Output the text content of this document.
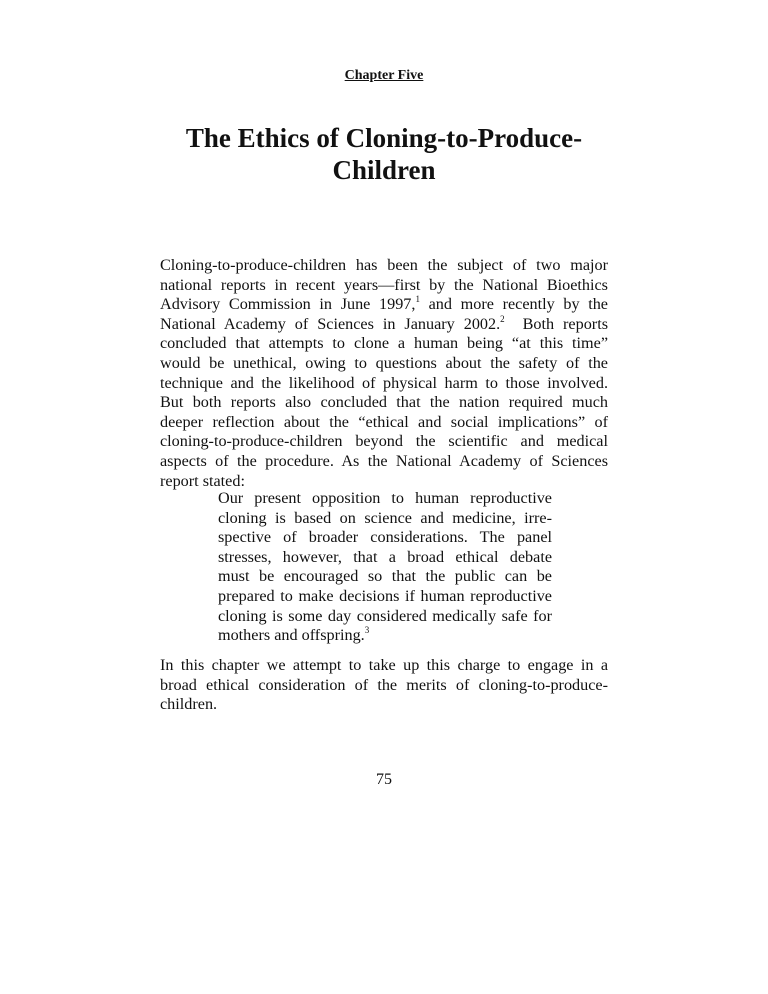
Chapter Five
The Ethics of Cloning-to-Produce-
Children
Cloning-to-produce-children has been the subject of two major
national reports in recent years—first by the National Bioethics
Advisory Commission in June 1997,$^1$ and more recently by the
National Academy of Sciences in January 2002.$^2$  Both reports
concluded that attempts to clone a human being “at this time”
would be unethical, owing to questions about the safety of the
technique and the likelihood of physical harm to those involved.
But both reports also concluded that the nation required much
deeper reflection about the “ethical and social implications” of
cloning-to-produce-children beyond the scientific and medical
aspects of the procedure. As the National Academy of Sciences
report stated:
Our present opposition to human reproductive
cloning is based on science and medicine, irre-
spective of broader considerations. The panel
stresses, however, that a broad ethical debate
must be encouraged so that the public can be
prepared to make decisions if human reproductive
cloning is some day considered medically safe for
mothers and offspring.$^3$
In this chapter we attempt to take up this charge to engage in a
broad ethical consideration of the merits of cloning-to-produce-
children.
75
